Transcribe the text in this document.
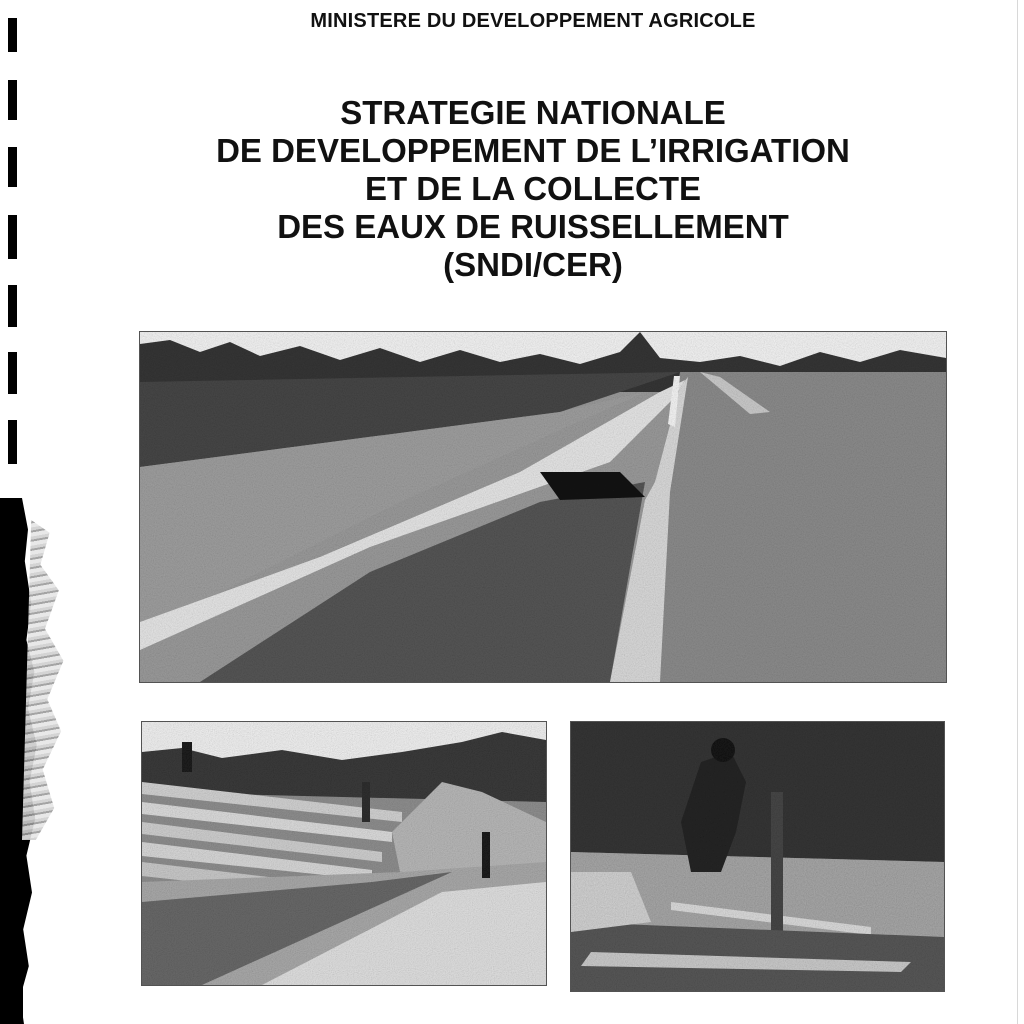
MINISTERE DU DEVELOPPEMENT AGRICOLE
STRATEGIE NATIONALE
DE DEVELOPPEMENT DE L’IRRIGATION
ET DE LA COLLECTE
DES EAUX DE RUISSELLEMENT
(SNDI/CER)
